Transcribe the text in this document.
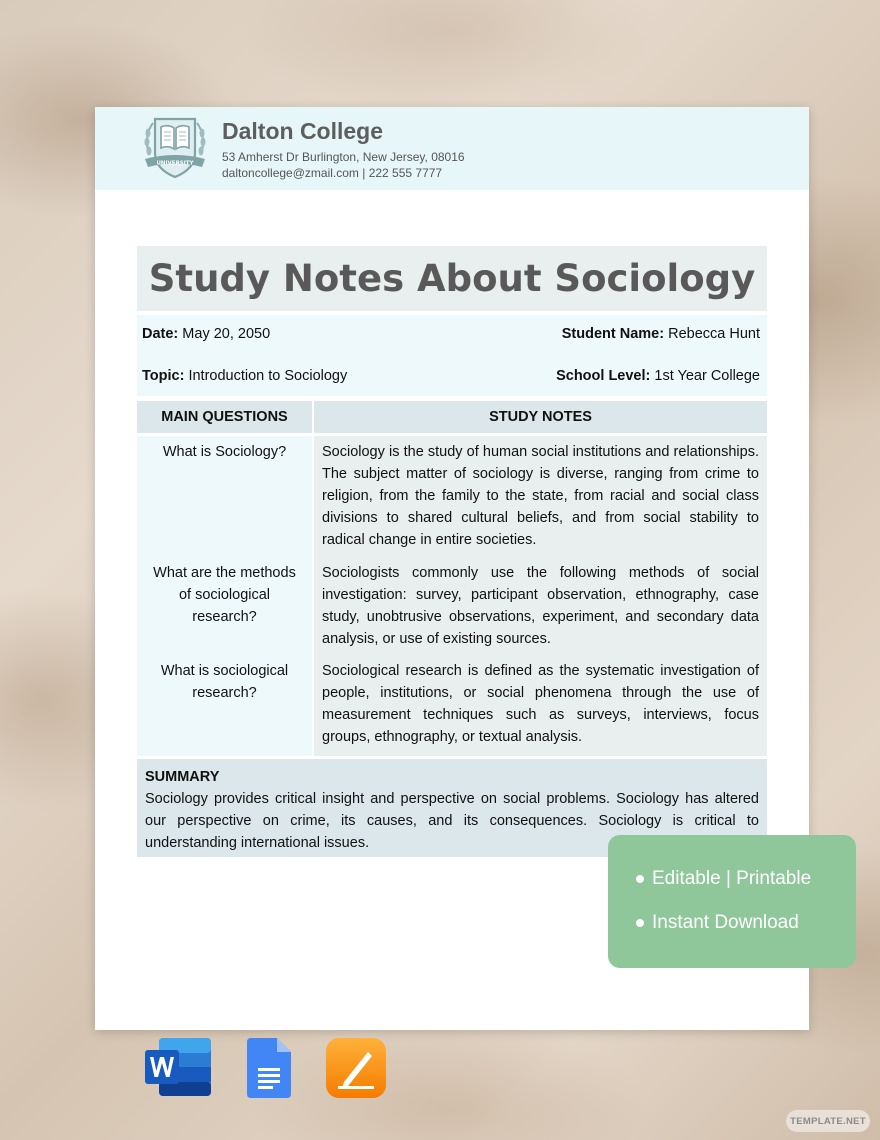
UNIVERSITY
Dalton College
53 Amherst Dr Burlington, New Jersey, 08016
daltoncollege@zmail.com | 222 555 7777
Study Notes About Sociology
Date: May 20, 2050	Student Name: Rebecca Hunt
Topic: Introduction to Sociology	School Level: 1st Year College
MAIN QUESTIONS	STUDY NOTES

What is Sociology?	Sociology is the study of human social institutions and relationships. The subject matter of sociology is diverse, ranging from crime to religion, from the family to the state, from racial and social class divisions to shared cultural beliefs, and from social stability to radical change in entire societies.

What are the methods of sociological research?	Sociologists commonly use the following methods of social investigation: survey, participant observation, ethnography, case study, unobtrusive observations, experiment, and secondary data analysis, or use of existing sources.

What is sociological research?	Sociological research is defined as the systematic investigation of people, institutions, or social phenomena through the use of measurement techniques such as surveys, interviews, focus groups, ethnography, or textual analysis.
SUMMARY
Sociology provides critical insight and perspective on social problems. Sociology has altered our perspective on crime, its causes, and its consequences. Sociology is critical to understanding international issues.
Editable | Printable
Instant Download
TEMPLATE.NET
